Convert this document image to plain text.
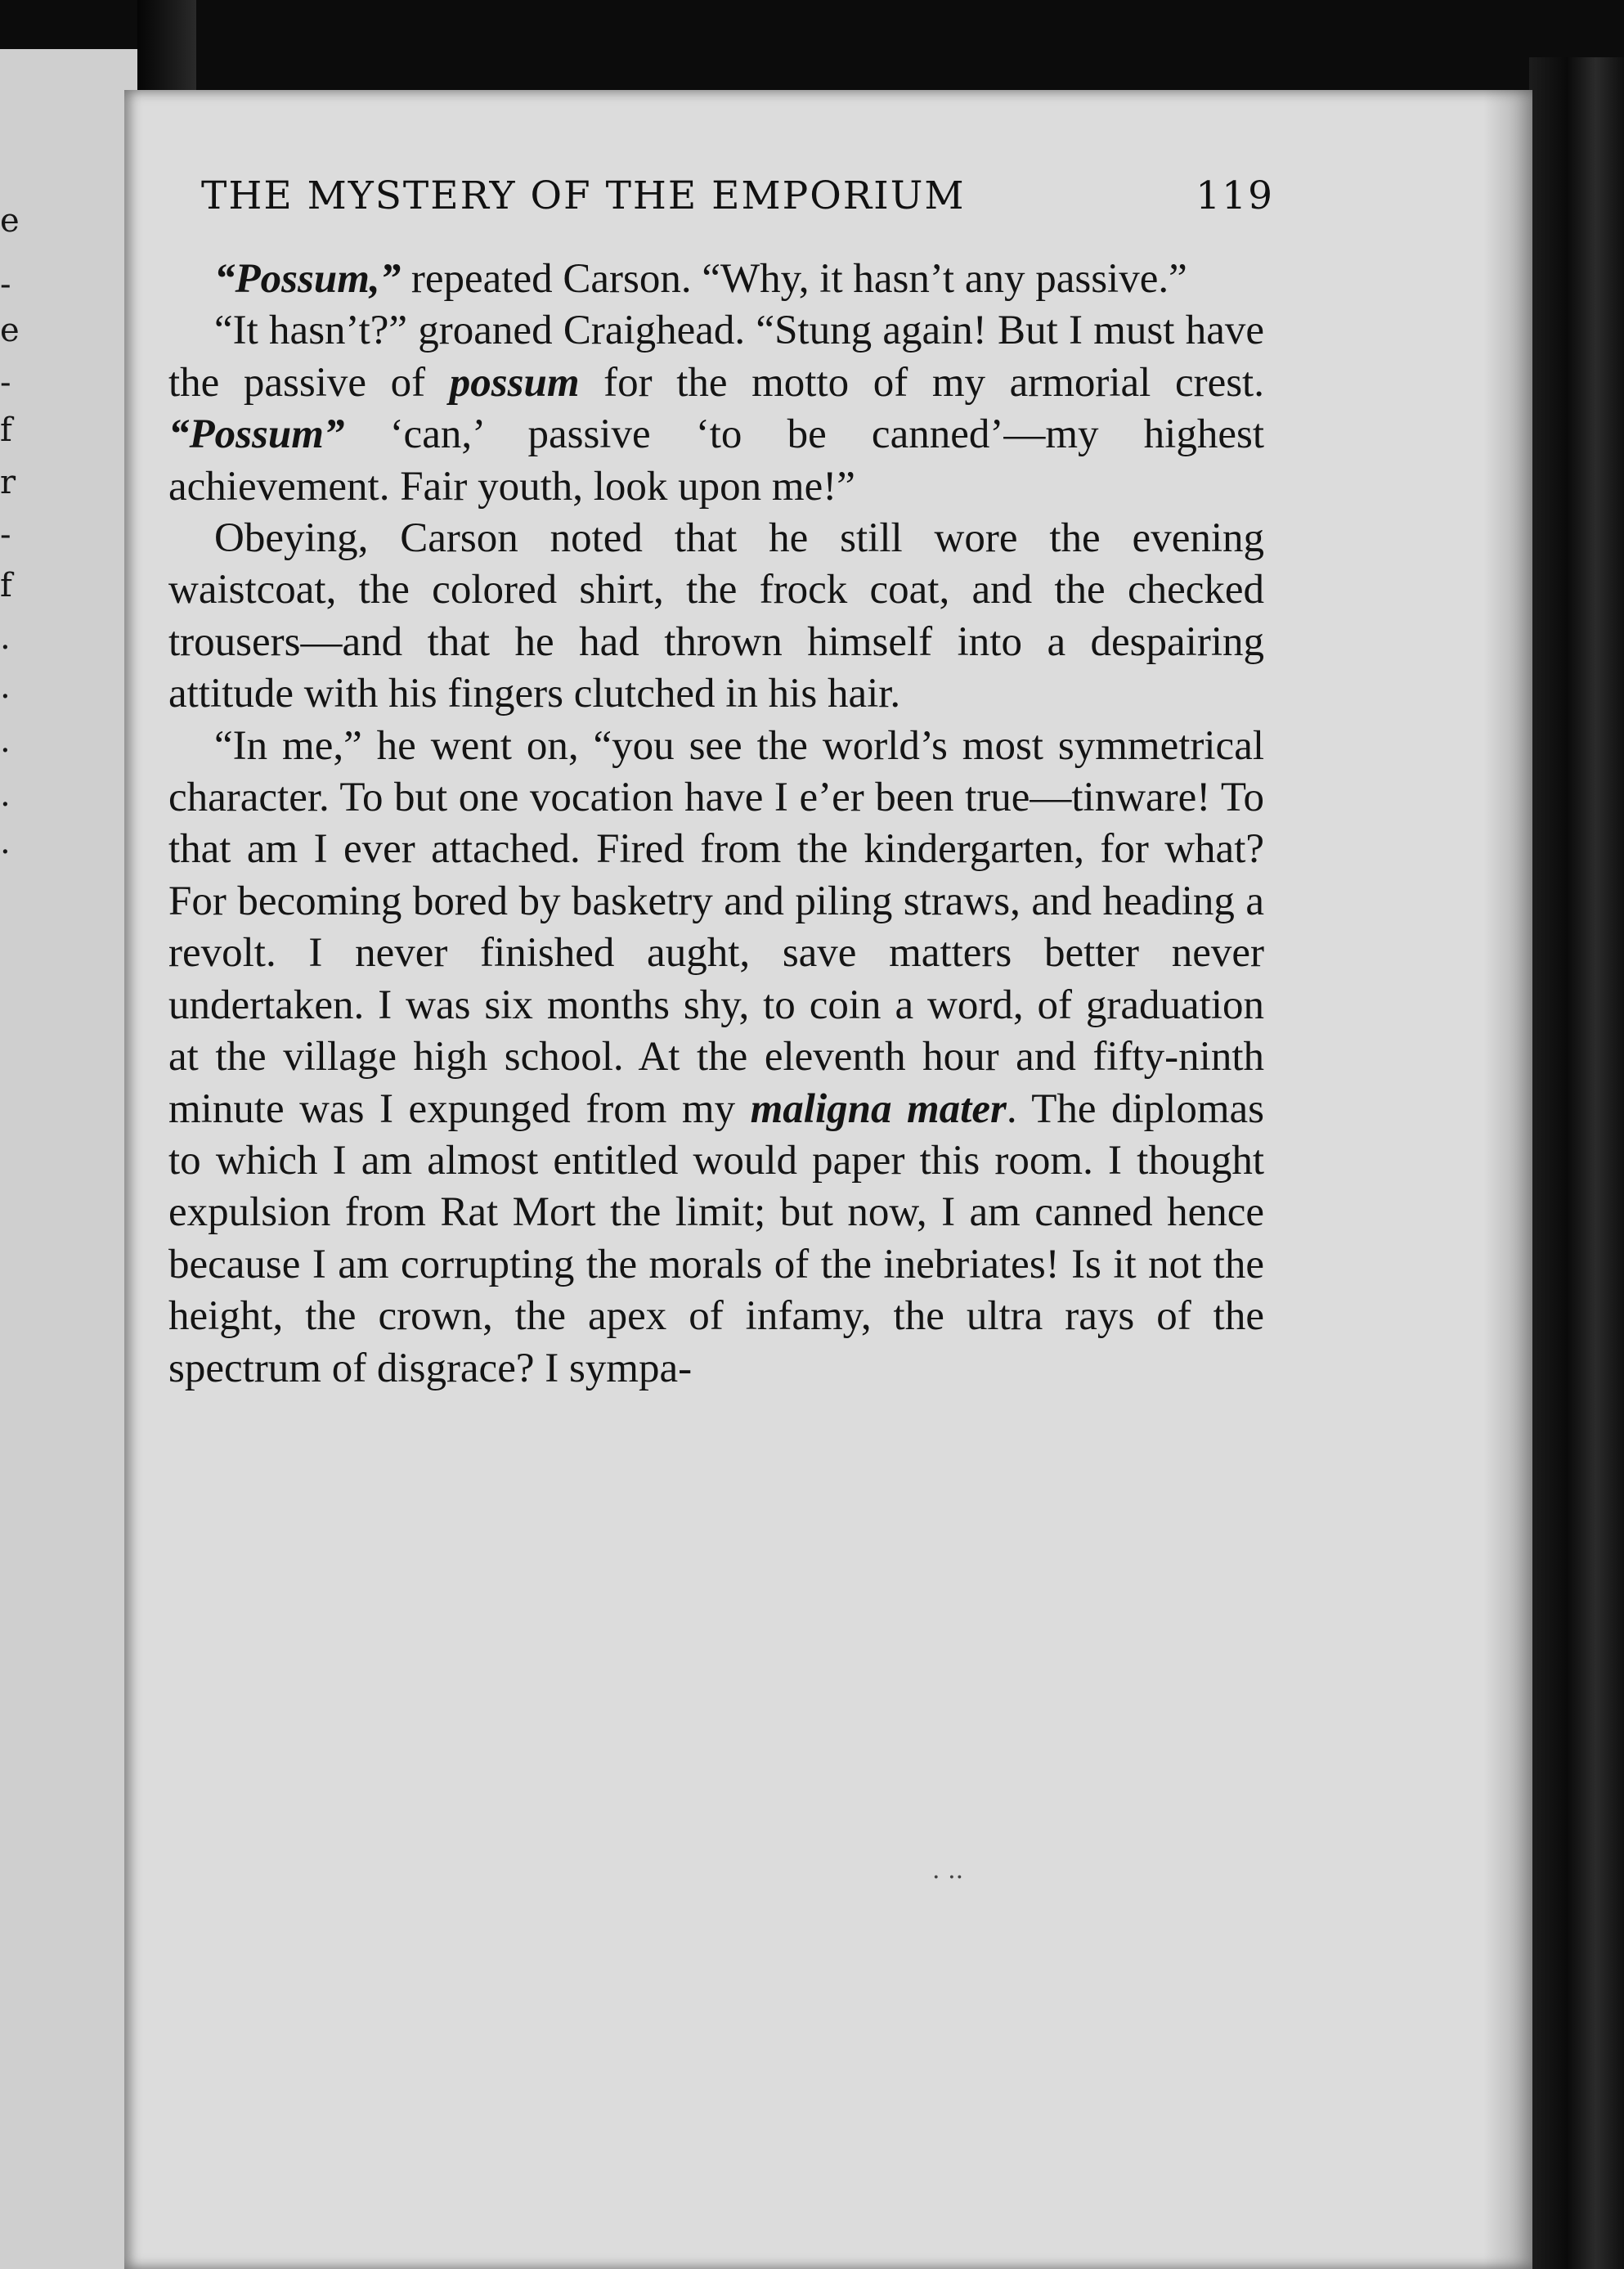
e
-
e
-
f
r
-
f
.
.
.
.
.
THE MYSTERY OF THE EMPORIUM	119

“Possum,” repeated Carson. “Why, it hasn’t any passive.”

“It hasn’t?” groaned Craighead. “Stung again! But I must have the passive of possum for the motto of my armorial crest. “Possum” ‘can,’ passive ‘to be canned’—my highest achievement. Fair youth, look upon me!”

Obeying, Carson noted that he still wore the evening waistcoat, the colored shirt, the frock coat, and the checked trousers—and that he had thrown himself into a despairing attitude with his fingers clutched in his hair.

“In me,” he went on, “you see the world’s most symmetrical character. To but one vocation have I e’er been true—tinware! To that am I ever attached. Fired from the kindergarten, for what? For becoming bored by basketry and piling straws, and heading a revolt. I never finished aught, save matters better never undertaken. I was six months shy, to coin a word, of graduation at the village high school. At the eleventh hour and fifty-ninth minute was I expunged from my maligna mater. The diplomas to which I am almost entitled would paper this room. I thought expulsion from Rat Mort the limit; but now, I am canned hence because I am corrupting the morals of the inebriates! Is it not the height, the crown, the apex of infamy, the ultra rays of the spectrum of disgrace? I sympa-

· ··
